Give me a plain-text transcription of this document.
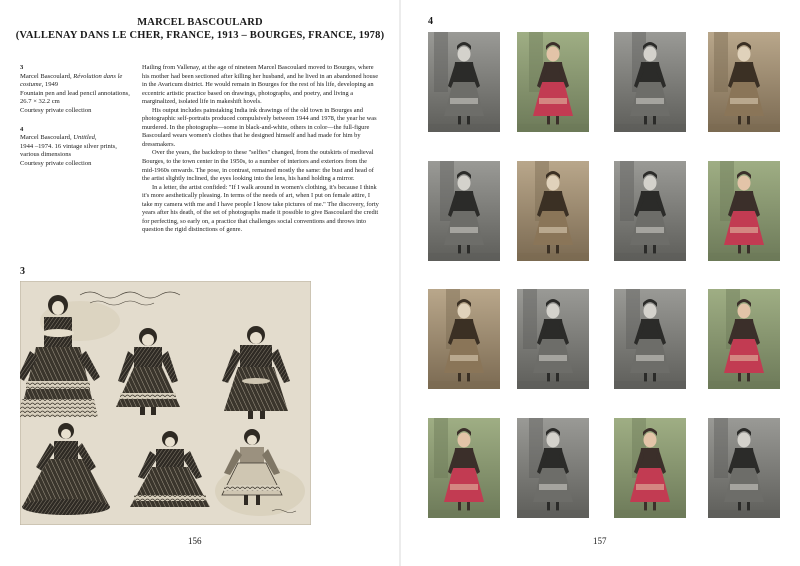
MARCEL BASCOULARD
(VALLENAY DANS LE CHER, FRANCE, 1913 – BOURGES, FRANCE, 1978)
3
Marcel Bascoulard, Révolution dans le costume, 1949
Fountain pen and lead pencil annotations, 26.7 × 32.2 cm
Courtesy private collection
4
Marcel Bascoulard, Untitled,
1944 –1974. 16 vintage silver prints, various dimensions
Courtesy private collection

Hailing from Vallenay, at the age of nineteen Marcel Bascoulard moved to Bourges, where his mother had been sectioned after killing her husband, and he lived in an abandoned house in the Avaricum district. He would remain in Bourges for the rest of his life, developing an eccentric artistic practice based on drawings, photographs, and poetry, and living a marginalized, isolated life in makeshift hovels.

His output includes painstaking India ink drawings of the old town in Bourges and photographic self-portraits produced compulsively between 1944 and 1978, the year he was murdered. In the photographs—some in black-and-white, others in color—the full-figure Bascoulard wears women's clothes that he designed himself and had made for him by dressmakers.

Over the years, the backdrop to these "selfies" changed, from the outskirts of medieval Bourges, to the town center in the 1950s, to a number of interiors and exteriors from the mid-1960s onwards. The pose, in contrast, remained mostly the same: the bust and head of the artist slightly inclined, the eyes looking into the lens, his hand holding a mirror.

In a letter, the artist confided: "If I walk around in women's clothing, it's because I think it's more aesthetically pleasing. In terms of the needs of art, when I put on female attire, I take my camera with me and I have people I know take pictures of me." The discovery, forty years after his death, of the set of photographs made it possible to give Bascoulard the credit for perfecting, so early on, a practice that challenges social conventions and throws into question the rigid distinctions of genre.

3
156
4
157
